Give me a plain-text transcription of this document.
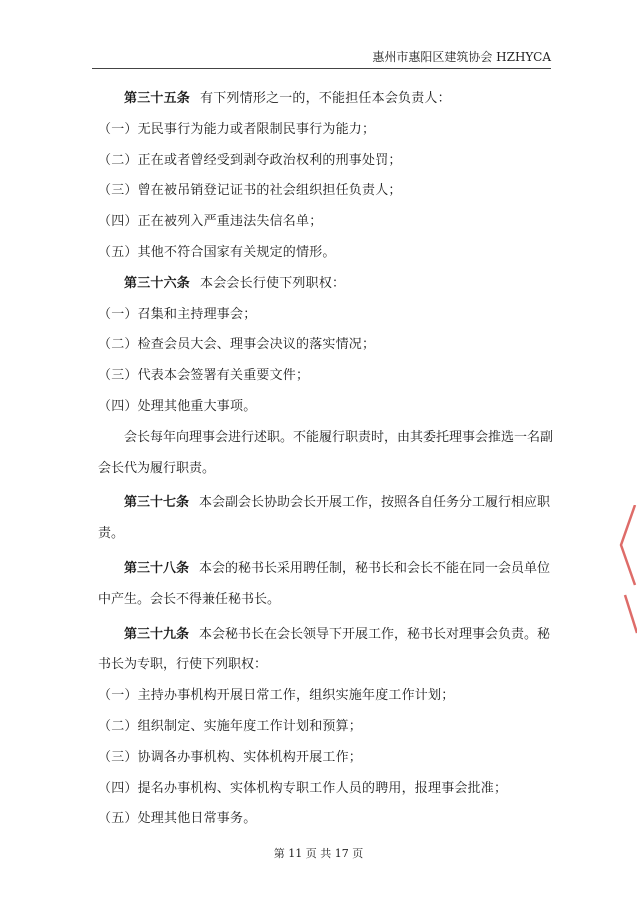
惠州市惠阳区建筑协会 HZHYCA
第三十五条 有下列情形之一的，不能担任本会负责人：
（一）无民事行为能力或者限制民事行为能力；
（二）正在或者曾经受到剥夺政治权利的刑事处罚；
（三）曾在被吊销登记证书的社会组织担任负责人；
（四）正在被列入严重违法失信名单；
（五）其他不符合国家有关规定的情形。
第三十六条 本会会长行使下列职权：
（一）召集和主持理事会；
（二）检查会员大会、理事会决议的落实情况；
（三）代表本会签署有关重要文件；
（四）处理其他重大事项。
会长每年向理事会进行述职。不能履行职责时，由其委托理事会推选一名副会长代为履行职责。
第三十七条 本会副会长协助会长开展工作，按照各自任务分工履行相应职责。
第三十八条 本会的秘书长采用聘任制，秘书长和会长不能在同一会员单位中产生。会长不得兼任秘书长。
第三十九条 本会秘书长在会长领导下开展工作，秘书长对理事会负责。秘书长为专职，行使下列职权：
（一）主持办事机构开展日常工作，组织实施年度工作计划；
（二）组织制定、实施年度工作计划和预算；
（三）协调各办事机构、实体机构开展工作；
（四）提名办事机构、实体机构专职工作人员的聘用，报理事会批准；
（五）处理其他日常事务。
第 11 页 共 17 页
